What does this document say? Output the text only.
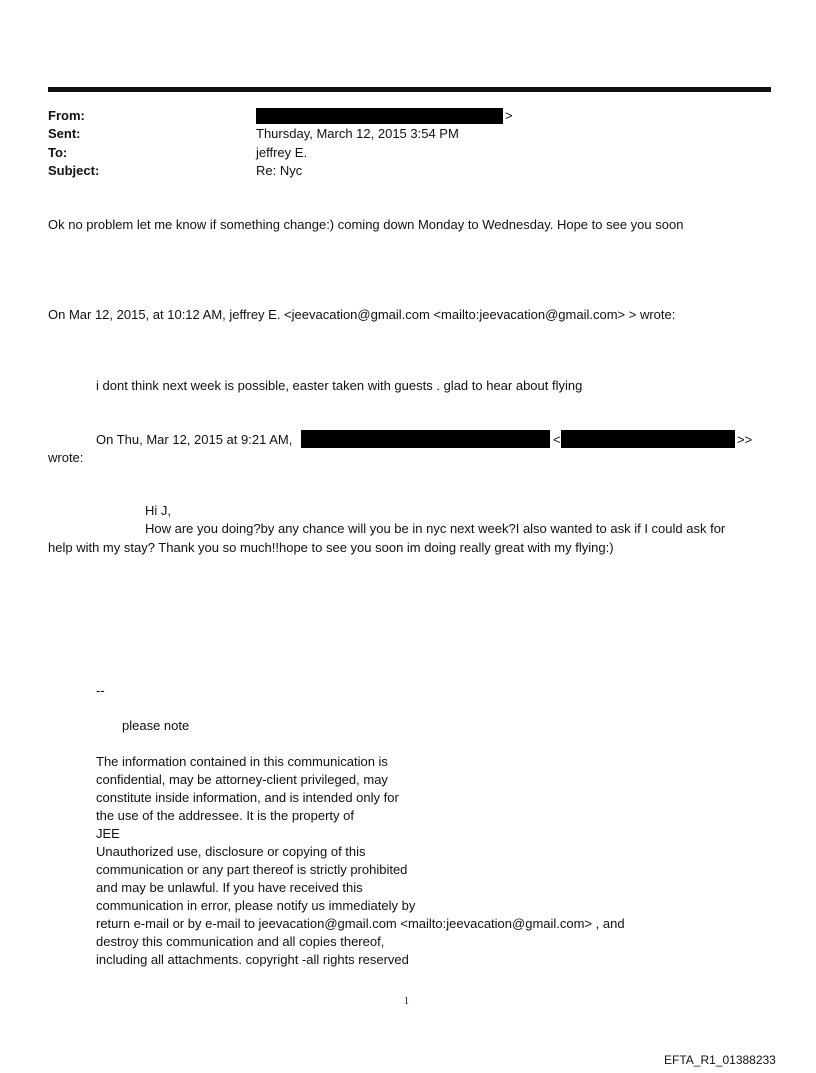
From:	>
Sent:	Thursday, March 12, 2015 3:54 PM
To:	jeffrey E.
Subject:	Re: Nyc
Ok no problem let me know if something change:) coming down Monday to Wednesday. Hope to see you soon
On Mar 12, 2015, at 10:12 AM, jeffrey E. <jeevacation@gmail.com <mailto:jeevacation@gmail.com> > wrote:
i dont think next week is possible, easter taken with guests . glad to hear about flying
On Thu, Mar 12, 2015 at 9:21 AM,	<	>>
wrote:
Hi J,
How are you doing?by any chance will you be in nyc next week?I also wanted to ask if I could ask for
help with my stay? Thank you so much!!hope to see you soon im doing really great with my flying:)
--
please note
The information contained in this communication is
confidential, may be attorney-client privileged, may
constitute inside information, and is intended only for
the use of the addressee. It is the property of
JEE
Unauthorized use, disclosure or copying of this
communication or any part thereof is strictly prohibited
and may be unlawful. If you have received this
communication in error, please notify us immediately by
return e-mail or by e-mail to jeevacation@gmail.com <mailto:jeevacation@gmail.com> , and
destroy this communication and all copies thereof,
including all attachments. copyright -all rights reserved
1
EFTA_R1_01388233
